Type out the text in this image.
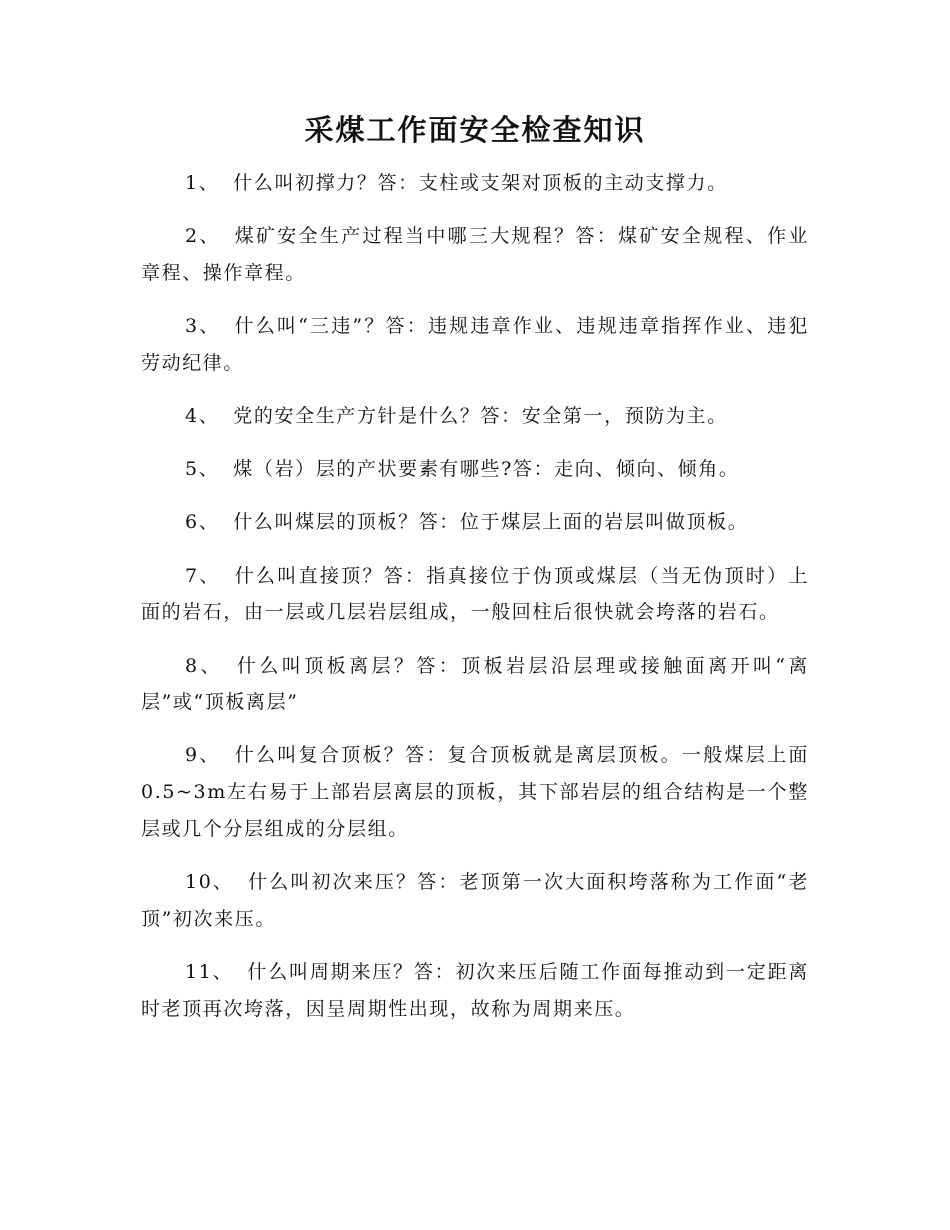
采煤工作面安全检查知识

1、 什么叫初撑力？答：支柱或支架对顶板的主动支撑力。

2、 煤矿安全生产过程当中哪三大规程？答：煤矿安全规程、作业章程、操作章程。

3、 什么叫“三违”？答：违规违章作业、违规违章指挥作业、违犯劳动纪律。

4、 党的安全生产方针是什么？答：安全第一，预防为主。

5、 煤（岩）层的产状要素有哪些?答：走向、倾向、倾角。

6、 什么叫煤层的顶板？答：位于煤层上面的岩层叫做顶板。

7、 什么叫直接顶？答：指真接位于伪顶或煤层（当无伪顶时）上面的岩石，由一层或几层岩层组成，一般回柱后很快就会垮落的岩石。

8、 什么叫顶板离层？答：顶板岩层沿层理或接触面离开叫“离层”或“顶板离层”

9、 什么叫复合顶板？答：复合顶板就是离层顶板。一般煤层上面0.5~3m左右易于上部岩层离层的顶板，其下部岩层的组合结构是一个整层或几个分层组成的分层组。

10、 什么叫初次来压？答：老顶第一次大面积垮落称为工作面“老顶”初次来压。

11、 什么叫周期来压？答：初次来压后随工作面每推动到一定距离时老顶再次垮落，因呈周期性出现，故称为周期来压。
